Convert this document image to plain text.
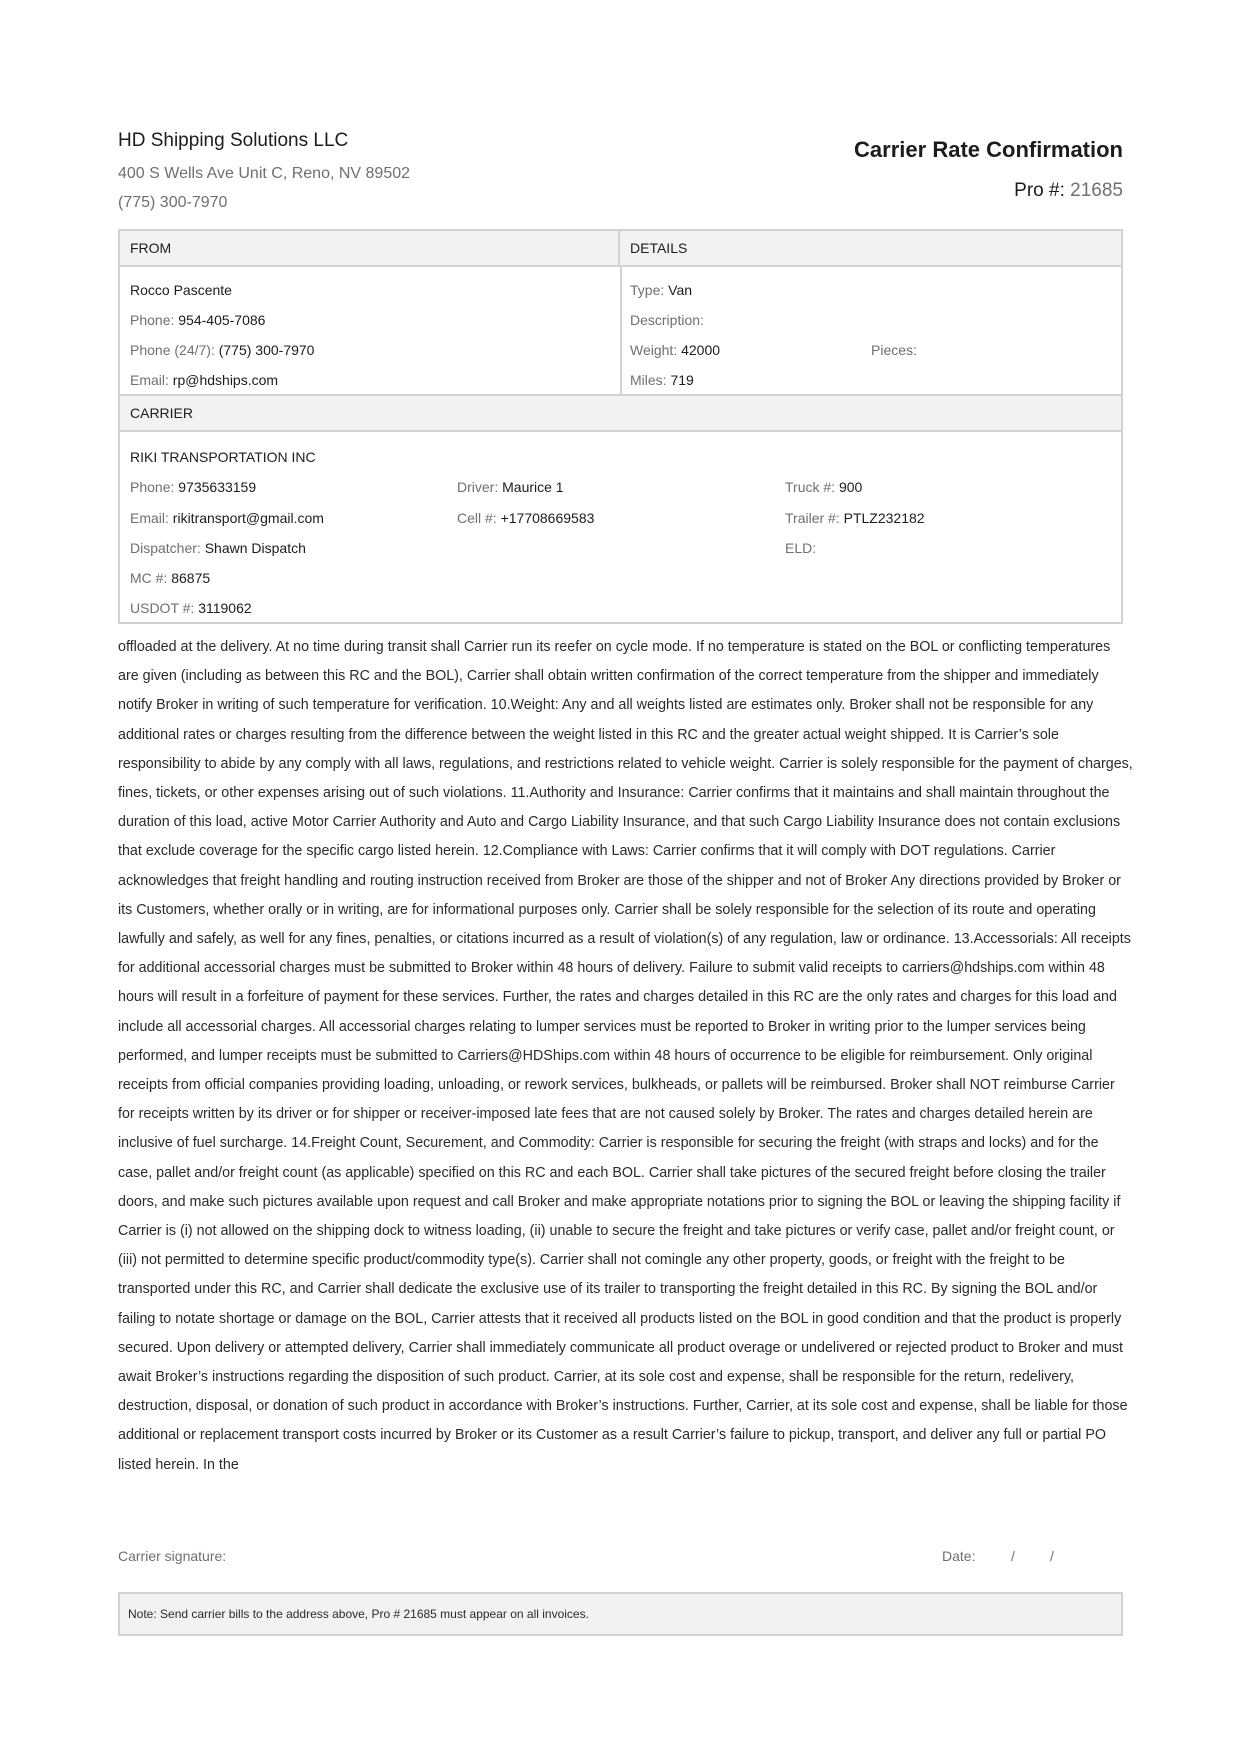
HD Shipping Solutions LLC
400 S Wells Ave Unit C, Reno, NV 89502
(775) 300-7970
Carrier Rate Confirmation
Pro #: 21685
FROM	DETAILS
Rocco Pascente
Phone: 954-405-7086
Phone (24/7): (775) 300-7970
Email: rp@hdships.com
Type: Van
Description:
Weight: 42000	Pieces:
Miles: 719
CARRIER
RIKI TRANSPORTATION INC
Phone: 9735633159
Email: rikitransport@gmail.com
Dispatcher: Shawn Dispatch
MC #: 86875
USDOT #: 3119062
Driver: Maurice 1
Cell #: +17708669583
Truck #: 900
Trailer #: PTLZ232182
ELD:
offloaded at the delivery. At no time during transit shall Carrier run its reefer on cycle mode. If no temperature is stated on the BOL or conflicting temperatures are given (including as between this RC and the BOL), Carrier shall obtain written confirmation of the correct temperature from the shipper and immediately notify Broker in writing of such temperature for verification. 10.Weight: Any and all weights listed are estimates only. Broker shall not be responsible for any additional rates or charges resulting from the difference between the weight listed in this RC and the greater actual weight shipped. It is Carrier’s sole responsibility to abide by any comply with all laws, regulations, and restrictions related to vehicle weight. Carrier is solely responsible for the payment of charges, fines, tickets, or other expenses arising out of such violations. 11.Authority and Insurance: Carrier confirms that it maintains and shall maintain throughout the duration of this load, active Motor Carrier Authority and Auto and Cargo Liability Insurance, and that such Cargo Liability Insurance does not contain exclusions that exclude coverage for the specific cargo listed herein. 12.Compliance with Laws: Carrier confirms that it will comply with DOT regulations. Carrier acknowledges that freight handling and routing instruction received from Broker are those of the shipper and not of Broker Any directions provided by Broker or its Customers, whether orally or in writing, are for informational purposes only. Carrier shall be solely responsible for the selection of its route and operating lawfully and safely, as well for any fines, penalties, or citations incurred as a result of violation(s) of any regulation, law or ordinance. 13.Accessorials: All receipts for additional accessorial charges must be submitted to Broker within 48 hours of delivery. Failure to submit valid receipts to carriers@hdships.com within 48 hours will result in a forfeiture of payment for these services. Further, the rates and charges detailed in this RC are the only rates and charges for this load and include all accessorial charges. All accessorial charges relating to lumper services must be reported to Broker in writing prior to the lumper services being performed, and lumper receipts must be submitted to Carriers@HDShips.com within 48 hours of occurrence to be eligible for reimbursement. Only original receipts from official companies providing loading, unloading, or rework services, bulkheads, or pallets will be reimbursed. Broker shall NOT reimburse Carrier for receipts written by its driver or for shipper or receiver-imposed late fees that are not caused solely by Broker. The rates and charges detailed herein are inclusive of fuel surcharge. 14.Freight Count, Securement, and Commodity: Carrier is responsible for securing the freight (with straps and locks) and for the case, pallet and/or freight count (as applicable) specified on this RC and each BOL. Carrier shall take pictures of the secured freight before closing the trailer doors, and make such pictures available upon request and call Broker and make appropriate notations prior to signing the BOL or leaving the shipping facility if Carrier is (i) not allowed on the shipping dock to witness loading, (ii) unable to secure the freight and take pictures or verify case, pallet and/or freight count, or (iii) not permitted to determine specific product/commodity type(s). Carrier shall not comingle any other property, goods, or freight with the freight to be transported under this RC, and Carrier shall dedicate the exclusive use of its trailer to transporting the freight detailed in this RC. By signing the BOL and/or failing to notate shortage or damage on the BOL, Carrier attests that it received all products listed on the BOL in good condition and that the product is properly secured. Upon delivery or attempted delivery, Carrier shall immediately communicate all product overage or undelivered or rejected product to Broker and must await Broker’s instructions regarding the disposition of such product. Carrier, at its sole cost and expense, shall be responsible for the return, redelivery, destruction, disposal, or donation of such product in accordance with Broker’s instructions. Further, Carrier, at its sole cost and expense, shall be liable for those additional or replacement transport costs incurred by Broker or its Customer as a result Carrier’s failure to pickup, transport, and deliver any full or partial PO listed herein. In the
Carrier signature:	Date:	/	/
Note: Send carrier bills to the address above, Pro # 21685 must appear on all invoices.
